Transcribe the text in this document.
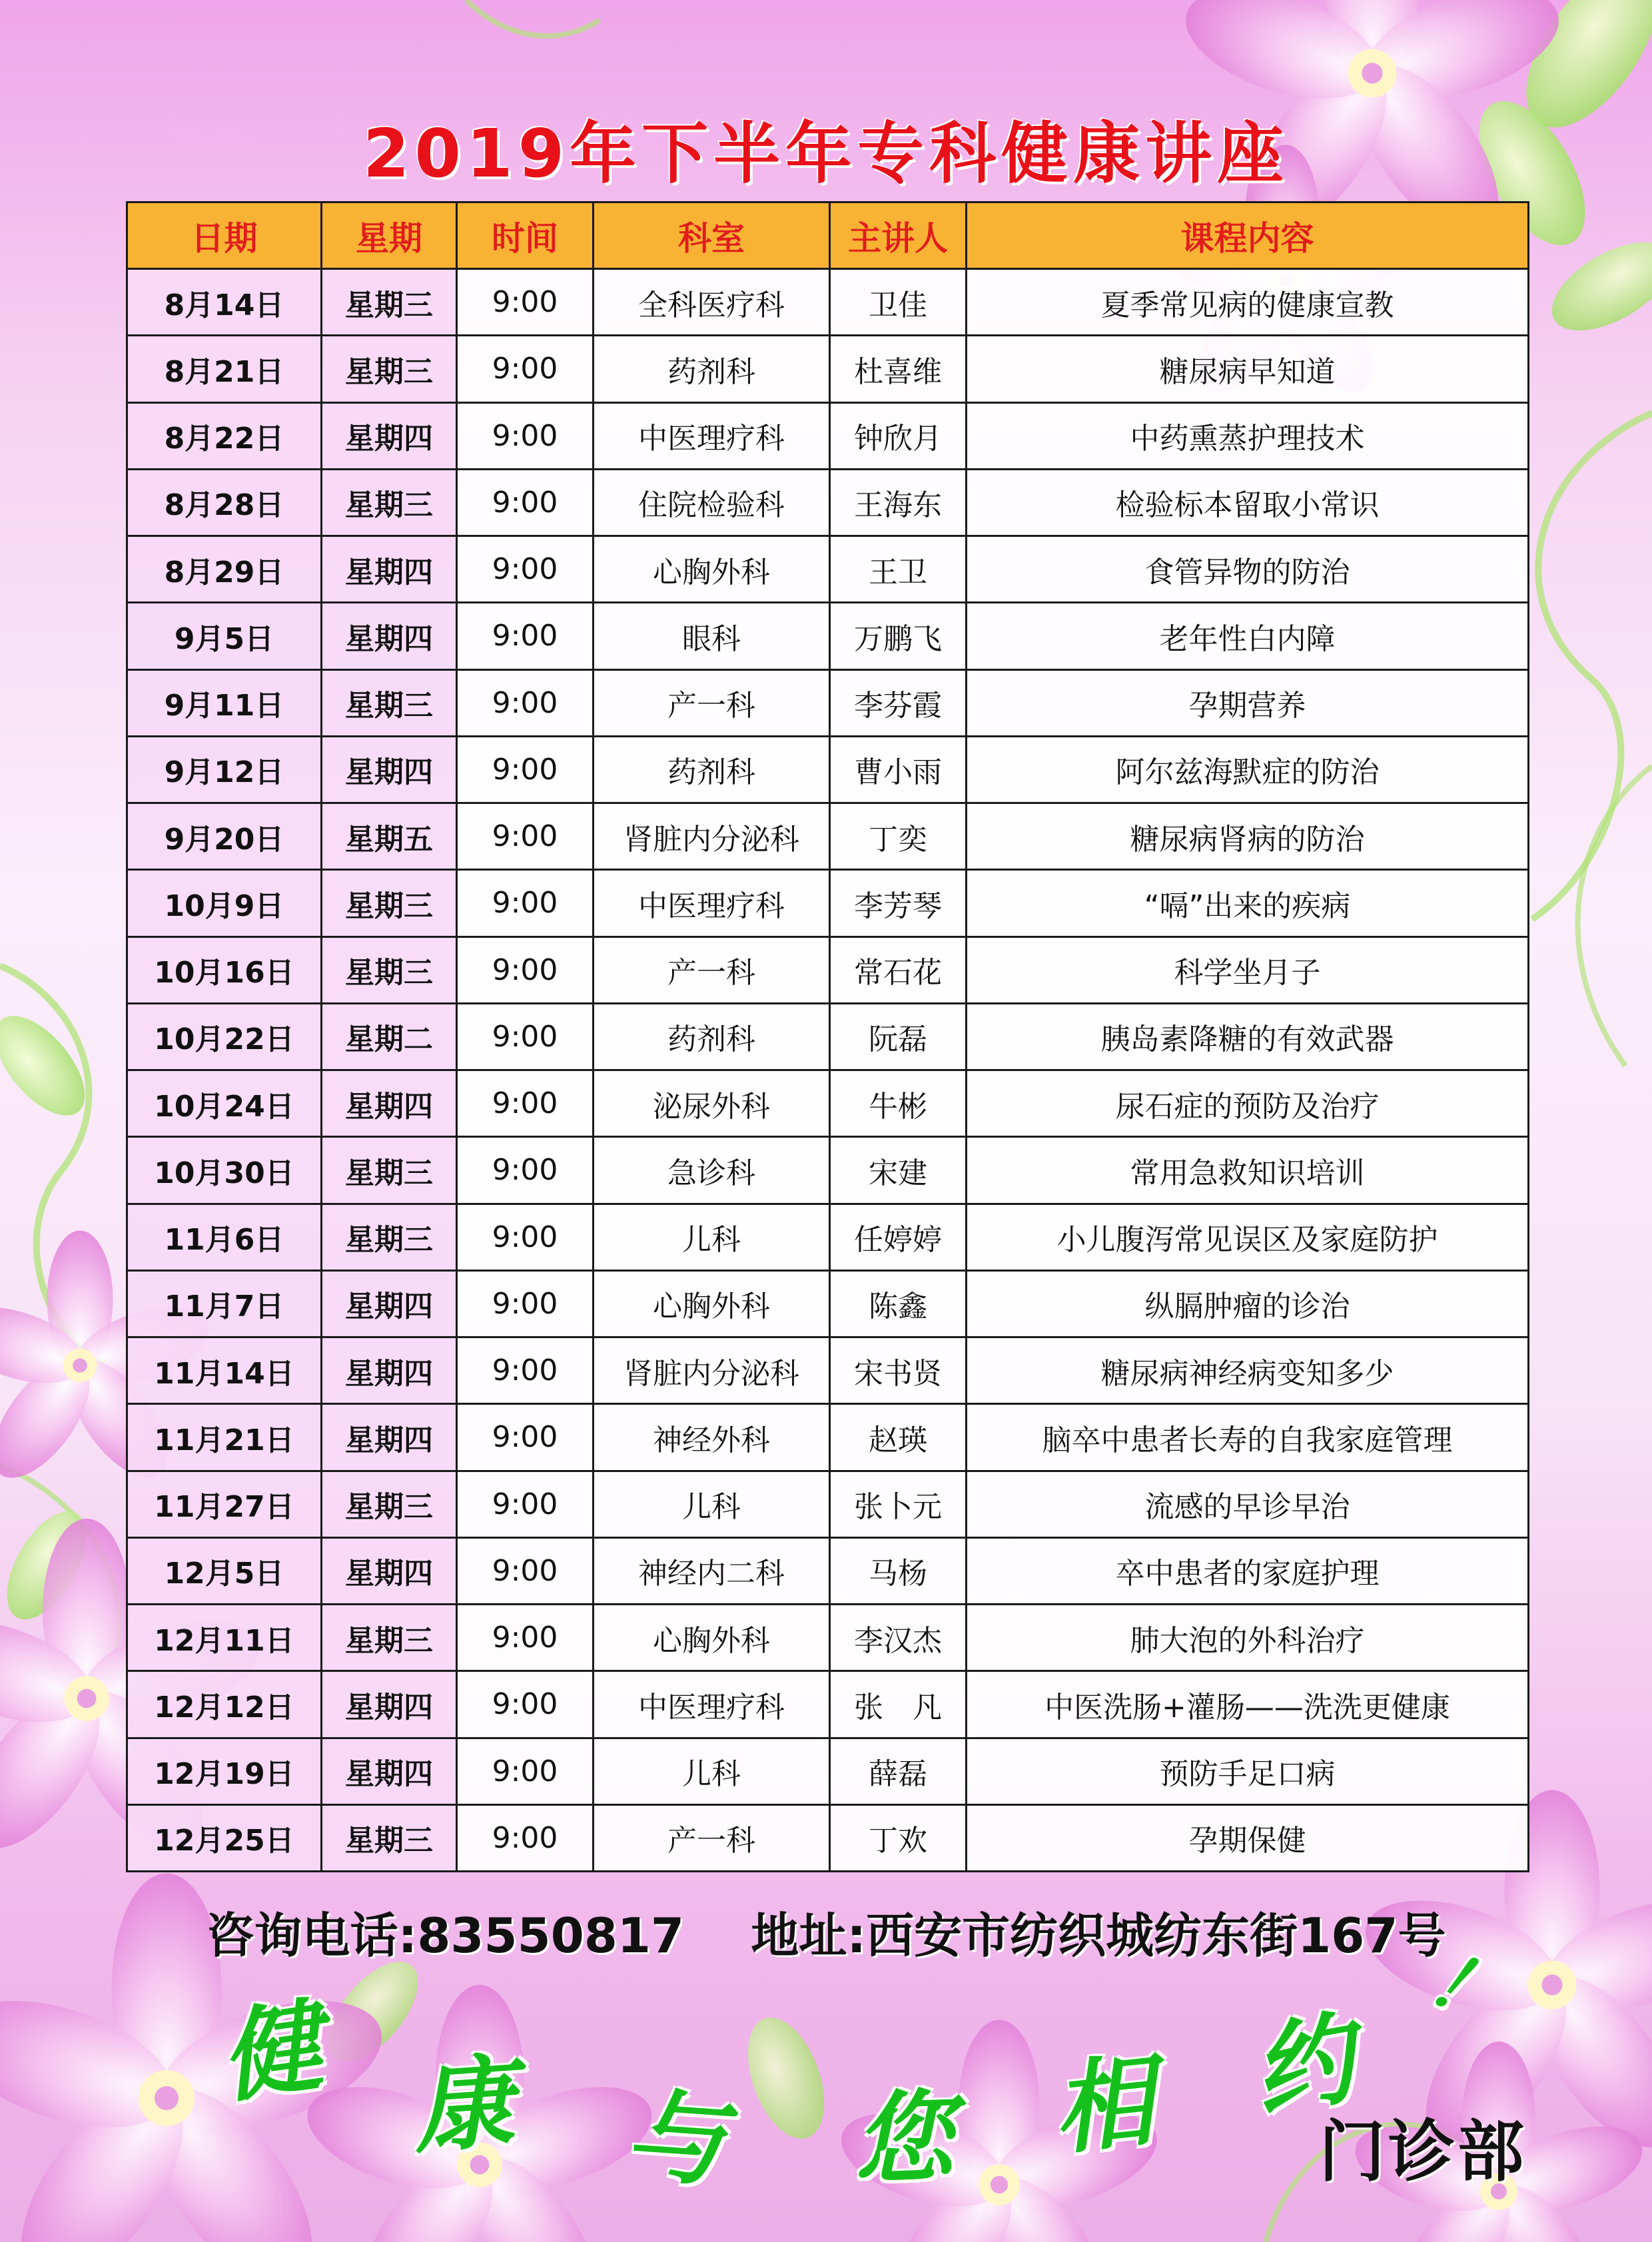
2019年下半年专科健康讲座
日期	星期	时间	科室	主讲人	课程内容
8月14日	星期三	9:00	全科医疗科	卫佳	夏季常见病的健康宣教
8月21日	星期三	9:00	药剂科	杜喜维	糖尿病早知道
8月22日	星期四	9:00	中医理疗科	钟欣月	中药熏蒸护理技术
8月28日	星期三	9:00	住院检验科	王海东	检验标本留取小常识
8月29日	星期四	9:00	心胸外科	王卫	食管异物的防治
9月5日	星期四	9:00	眼科	万鹏飞	老年性白内障
9月11日	星期三	9:00	产一科	李芬霞	孕期营养
9月12日	星期四	9:00	药剂科	曹小雨	阿尔兹海默症的防治
9月20日	星期五	9:00	肾脏内分泌科	丁奕	糖尿病肾病的防治
10月9日	星期三	9:00	中医理疗科	李芳琴	“嗝”出来的疾病
10月16日	星期三	9:00	产一科	常石花	科学坐月子
10月22日	星期二	9:00	药剂科	阮磊	胰岛素降糖的有效武器
10月24日	星期四	9:00	泌尿外科	牛彬	尿石症的预防及治疗
10月30日	星期三	9:00	急诊科	宋建	常用急救知识培训
11月6日	星期三	9:00	儿科	任婷婷	小儿腹泻常见误区及家庭防护
11月7日	星期四	9:00	心胸外科	陈鑫	纵膈肿瘤的诊治
11月14日	星期四	9:00	肾脏内分泌科	宋书贤	糖尿病神经病变知多少
11月21日	星期四	9:00	神经外科	赵瑛	脑卒中患者长寿的自我家庭管理
11月27日	星期三	9:00	儿科	张卜元	流感的早诊早治
12月5日	星期四	9:00	神经内二科	马杨	卒中患者的家庭护理
12月11日	星期三	9:00	心胸外科	李汉杰	肺大泡的外科治疗
12月12日	星期四	9:00	中医理疗科	张　凡	中医洗肠+灌肠——洗洗更健康
12月19日	星期四	9:00	儿科	薛磊	预防手足口病
12月25日	星期三	9:00	产一科	丁欢	孕期保健
咨询电话:83550817 地址:西安市纺织城纺东街167号
健 康 与 您 相 约
！
门诊部
